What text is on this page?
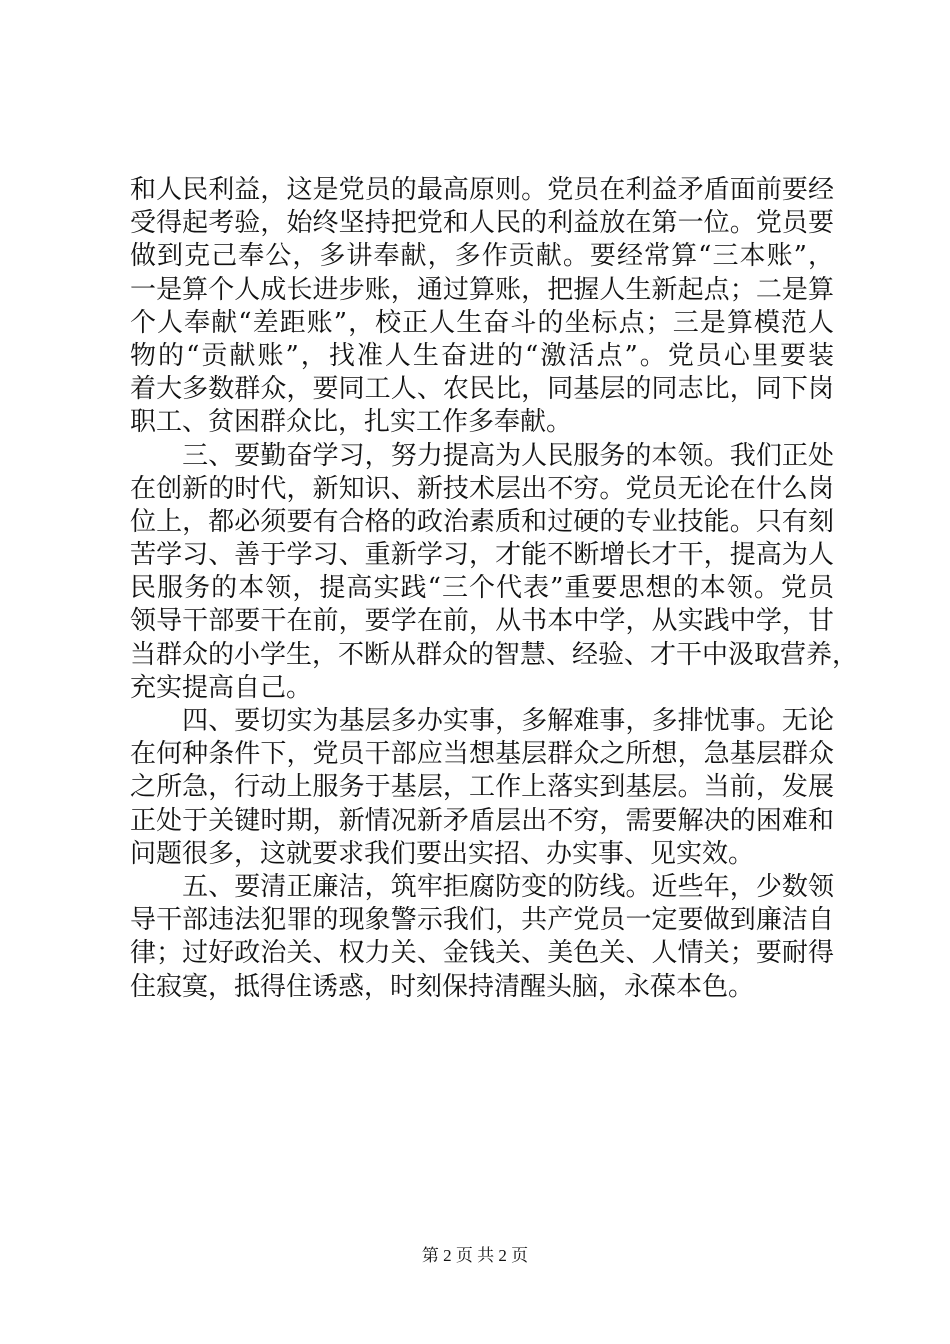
和人民利益，这是党员的最高原则。党员在利益矛盾面前要经
受得起考验，始终坚持把党和人民的利益放在第一位。党员要
做到克己奉公，多讲奉献，多作贡献。要经常算“三本账”，
一是算个人成长进步账，通过算账，把握人生新起点；二是算
个人奉献“差距账”，校正人生奋斗的坐标点；三是算模范人
物的“贡献账”，找准人生奋进的“激活点”。党员心里要装
着大多数群众，要同工人、农民比，同基层的同志比，同下岗
职工、贫困群众比，扎实工作多奉献。
　　三、要勤奋学习，努力提高为人民服务的本领。我们正处
在创新的时代，新知识、新技术层出不穷。党员无论在什么岗
位上，都必须要有合格的政治素质和过硬的专业技能。只有刻
苦学习、善于学习、重新学习，才能不断增长才干，提高为人
民服务的本领，提高实践“三个代表”重要思想的本领。党员
领导干部要干在前，要学在前，从书本中学，从实践中学，甘
当群众的小学生，不断从群众的智慧、经验、才干中汲取营养，
充实提高自己。
　　四、要切实为基层多办实事，多解难事，多排忧事。无论
在何种条件下，党员干部应当想基层群众之所想，急基层群众
之所急，行动上服务于基层，工作上落实到基层。当前，发展
正处于关键时期，新情况新矛盾层出不穷，需要解决的困难和
问题很多，这就要求我们要出实招、办实事、见实效。
　　五、要清正廉洁，筑牢拒腐防变的防线。近些年，少数领
导干部违法犯罪的现象警示我们，共产党员一定要做到廉洁自
律；过好政治关、权力关、金钱关、美色关、人情关；要耐得
住寂寞，抵得住诱惑，时刻保持清醒头脑，永葆本色。
第 2 页 共 2 页
